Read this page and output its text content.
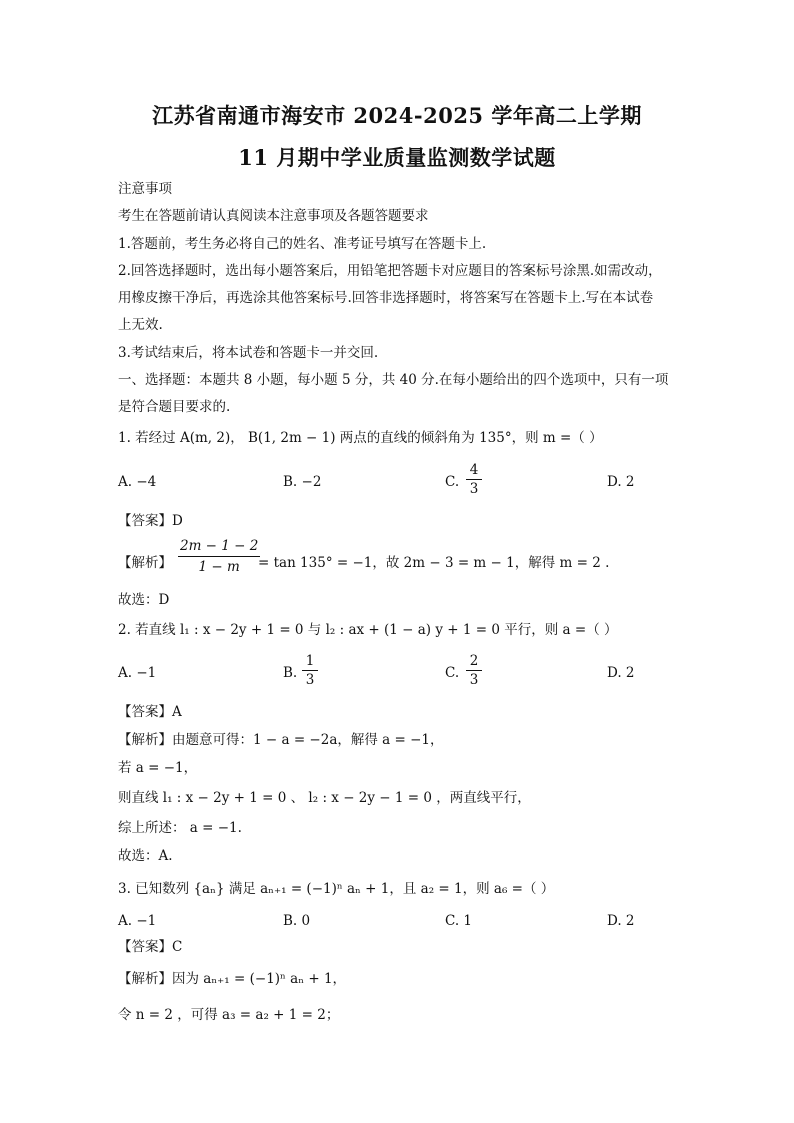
江苏省南通市海安市 2024-2025 学年高二上学期
11 月期中学业质量监测数学试题
注意事项
考生在答题前请认真阅读本注意事项及各题答题要求
1.答题前，考生务必将自己的姓名、准考证号填写在答题卡上.
2.回答选择题时，选出每小题答案后，用铅笔把答题卡对应题目的答案标号涂黑.如需改动，
用橡皮擦干净后，再选涂其他答案标号.回答非选择题时，将答案写在答题卡上.写在本试卷
上无效.
3.考试结束后，将本试卷和答题卡一并交回.
一、选择题：本题共 8 小题，每小题 5 分，共 40 分.在每小题给出的四个选项中，只有一项
是符合题目要求的.
1. 若经过 A(m, 2)， B(1, 2m − 1) 两点的直线的倾斜角为 135°，则 m =（ ）
A. −4	B. −2	C.
4
3	D. 2
【答案】D
【解析】
2m − 1 − 2
1 − m	= tan 135° = −1，故 2m − 3 = m − 1，解得 m = 2 .
故选：D
2. 若直线 l₁ : x − 2y + 1 = 0 与 l₂ : ax + (1 − a) y + 1 = 0 平行，则 a =（ ）
A. −1	B.
1
3	C.
2
3	D. 2
【答案】A
【解析】由题意可得：1 − a = −2a，解得 a = −1，
若 a = −1，
则直线 l₁ : x − 2y + 1 = 0 、 l₂ : x − 2y − 1 = 0 ，两直线平行，
综上所述： a = −1.
故选：A.
3. 已知数列 {aₙ} 满足 aₙ₊₁ = (−1)ⁿ aₙ + 1，且 a₂ = 1，则 a₆ =（ ）
A. −1	B. 0	C. 1	D. 2
【答案】C
【解析】因为 aₙ₊₁ = (−1)ⁿ aₙ + 1，
令 n = 2 ，可得 a₃ = a₂ + 1 = 2；
